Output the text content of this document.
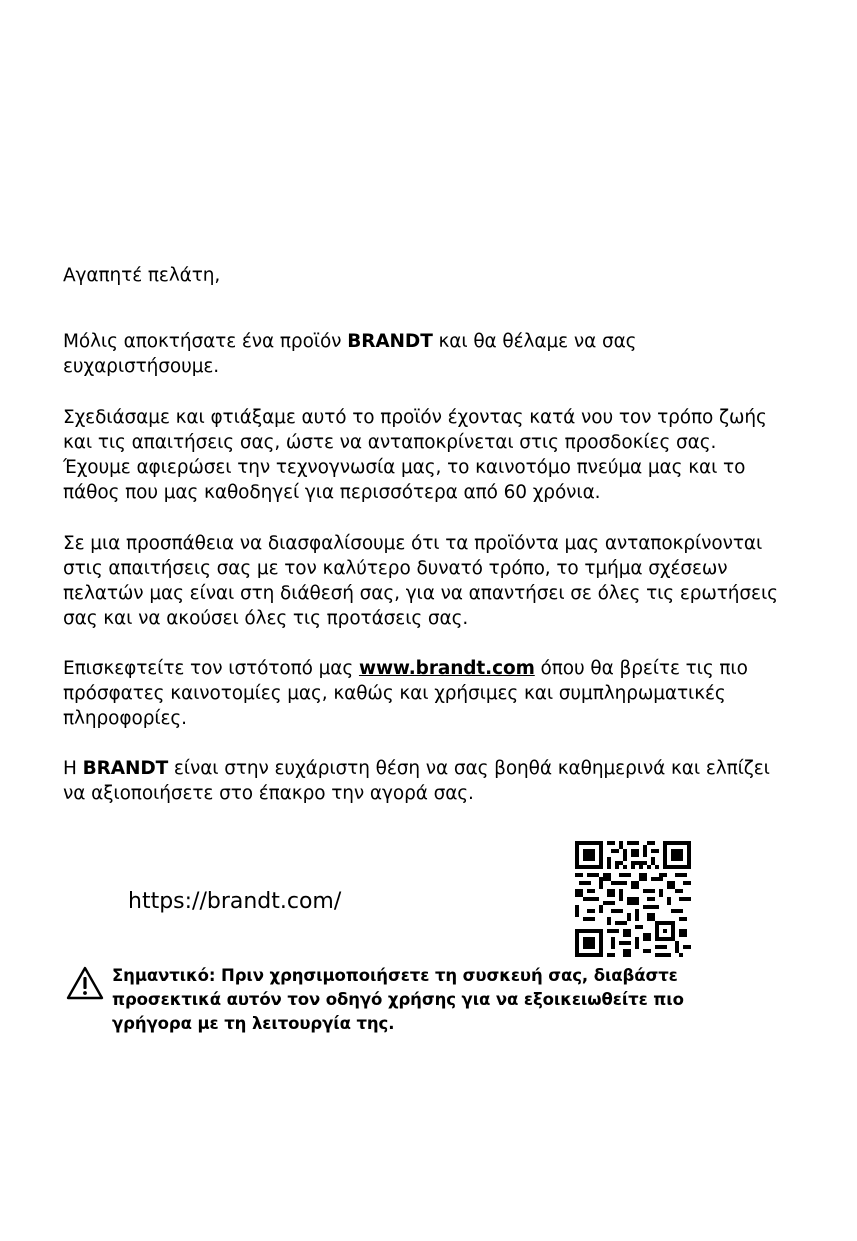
Αγαπητέ πελάτη,

Μόλις αποκτήσατε ένα προϊόν BRANDT και θα θέλαμε να σας ευχαριστήσουμε.

Σχεδιάσαμε και φτιάξαμε αυτό το προϊόν έχοντας κατά νου τον τρόπο ζωής και τις απαιτήσεις σας, ώστε να ανταποκρίνεται στις προσδοκίες σας. Έχουμε αφιερώσει την τεχνογνωσία μας, το καινοτόμο πνεύμα μας και το πάθος που μας καθοδηγεί για περισσότερα από 60 χρόνια.

Σε μια προσπάθεια να διασφαλίσουμε ότι τα προϊόντα μας ανταποκρίνονται στις απαιτήσεις σας με τον καλύτερο δυνατό τρόπο, το τμήμα σχέσεων πελατών μας είναι στη διάθεσή σας, για να απαντήσει σε όλες τις ερωτήσεις σας και να ακούσει όλες τις προτάσεις σας.

Επισκεφτείτε τον ιστότοπό μας www.brandt.com όπου θα βρείτε τις πιο πρόσφατες καινοτομίες μας, καθώς και χρήσιμες και συμπληρωματικές πληροφορίες.

Η BRANDT είναι στην ευχάριστη θέση να σας βοηθά καθημερινά και ελπίζει να αξιοποιήσετε στο έπακρο την αγορά σας.

https://brandt.com/
Σημαντικό: Πριν χρησιμοποιήσετε τη συσκευή σας, διαβάστε προσεκτικά αυτόν τον οδηγό χρήσης για να εξοικειωθείτε πιο γρήγορα με τη λειτουργία της.
